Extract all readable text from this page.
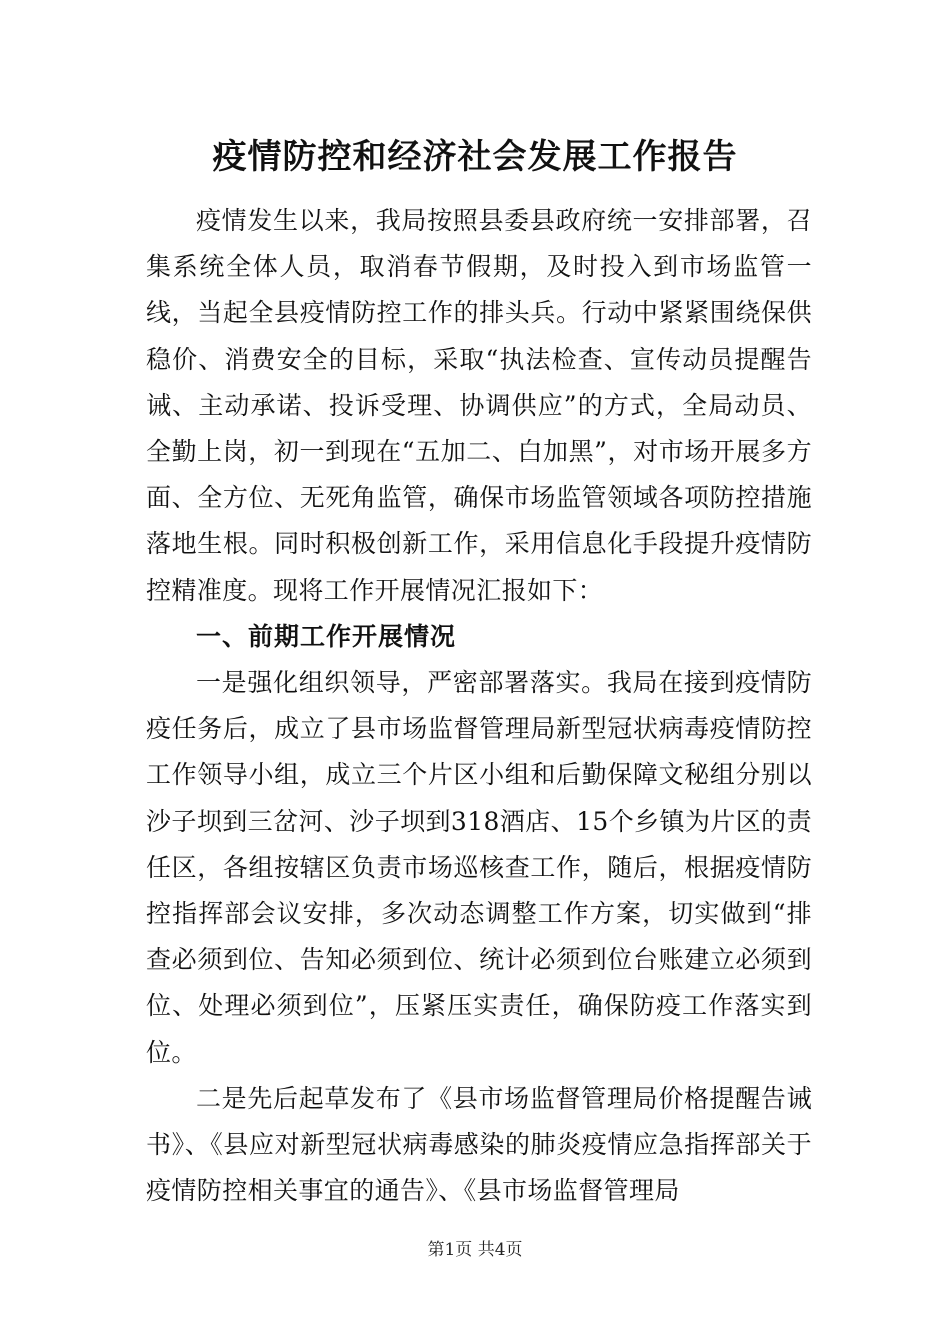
疫情防控和经济社会发展工作报告

疫情发生以来，我局按照县委县政府统一安排部署，召集系统全体人员，取消春节假期，及时投入到市场监管一线，当起全县疫情防控工作的排头兵。行动中紧紧围绕保供稳价、消费安全的目标，采取“执法检查、宣传动员提醒告诫、主动承诺、投诉受理、协调供应”的方式，全局动员、全勤上岗，初一到现在“五加二、白加黑”，对市场开展多方面、全方位、无死角监管，确保市场监管领域各项防控措施落地生根。同时积极创新工作，采用信息化手段提升疫情防控精准度。现将工作开展情况汇报如下：

一、前期工作开展情况

一是强化组织领导，严密部署落实。我局在接到疫情防疫任务后，成立了县市场监督管理局新型冠状病毒疫情防控工作领导小组，成立三个片区小组和后勤保障文秘组分别以沙子坝到三岔河、沙子坝到318酒店、15个乡镇为片区的责任区，各组按辖区负责市场巡核查工作，随后，根据疫情防控指挥部会议安排，多次动态调整工作方案，切实做到“排查必须到位、告知必须到位、统计必须到位台账建立必须到位、处理必须到位”，压紧压实责任，确保防疫工作落实到位。

二是先后起草发布了《县市场监督管理局价格提醒告诫书》、《县应对新型冠状病毒感染的肺炎疫情应急指挥部关于疫情防控相关事宜的通告》、《县市场监督管理局

第1页 共4页
